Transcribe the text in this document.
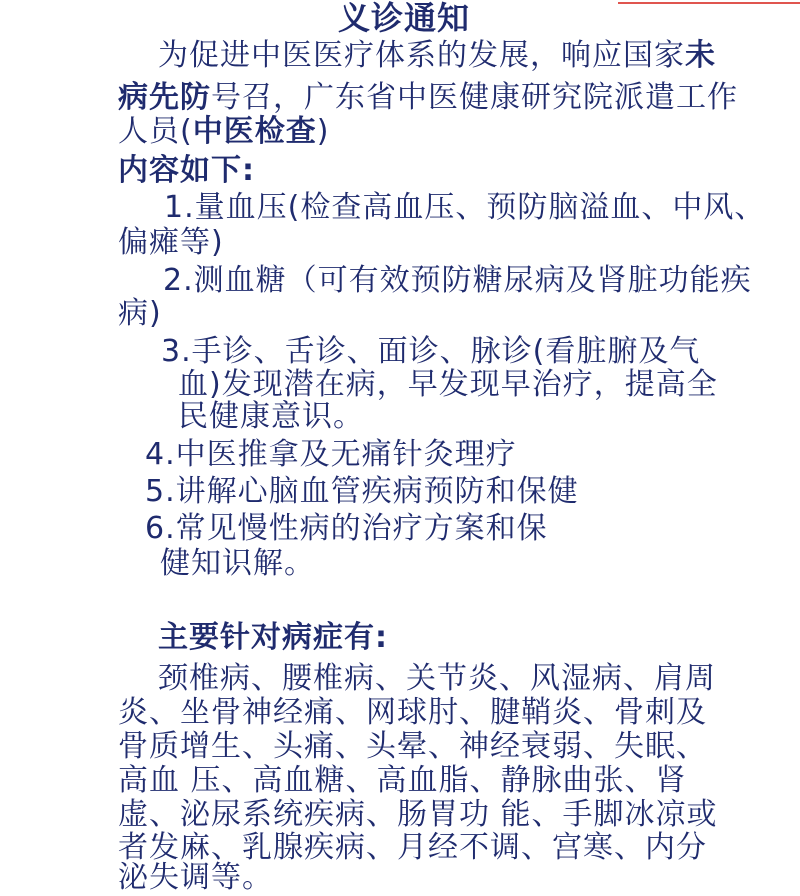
义诊通知
为促进中医医疗体系的发展，响应国家未
病先防号召，广东省中医健康研究院派遣工作
人员(中医检查)
内容如下:
1.量血压(检查高血压、预防脑溢血、中风、
偏瘫等)
2.测血糖（可有效预防糖尿病及肾脏功能疾
病)
3.手诊、舌诊、面诊、脉诊(看脏腑及气
血)发现潜在病，早发现早治疗，提高全
民健康意识。
4.中医推拿及无痛针灸理疗
5.讲解心脑血管疾病预防和保健
6.常见慢性病的治疗方案和保
健知识解。
主要针对病症有:
颈椎病、腰椎病、关节炎、风湿病、肩周
炎、坐骨神经痛、网球肘、腱鞘炎、骨刺及
骨质增生、头痛、头晕、神经衰弱、失眠、
高血 压、高血糖、高血脂、静脉曲张、肾
虚、泌尿系统疾病、肠胃功 能、手脚冰凉或
者发麻、乳腺疾病、月经不调、宫寒、内分
泌失调等。
